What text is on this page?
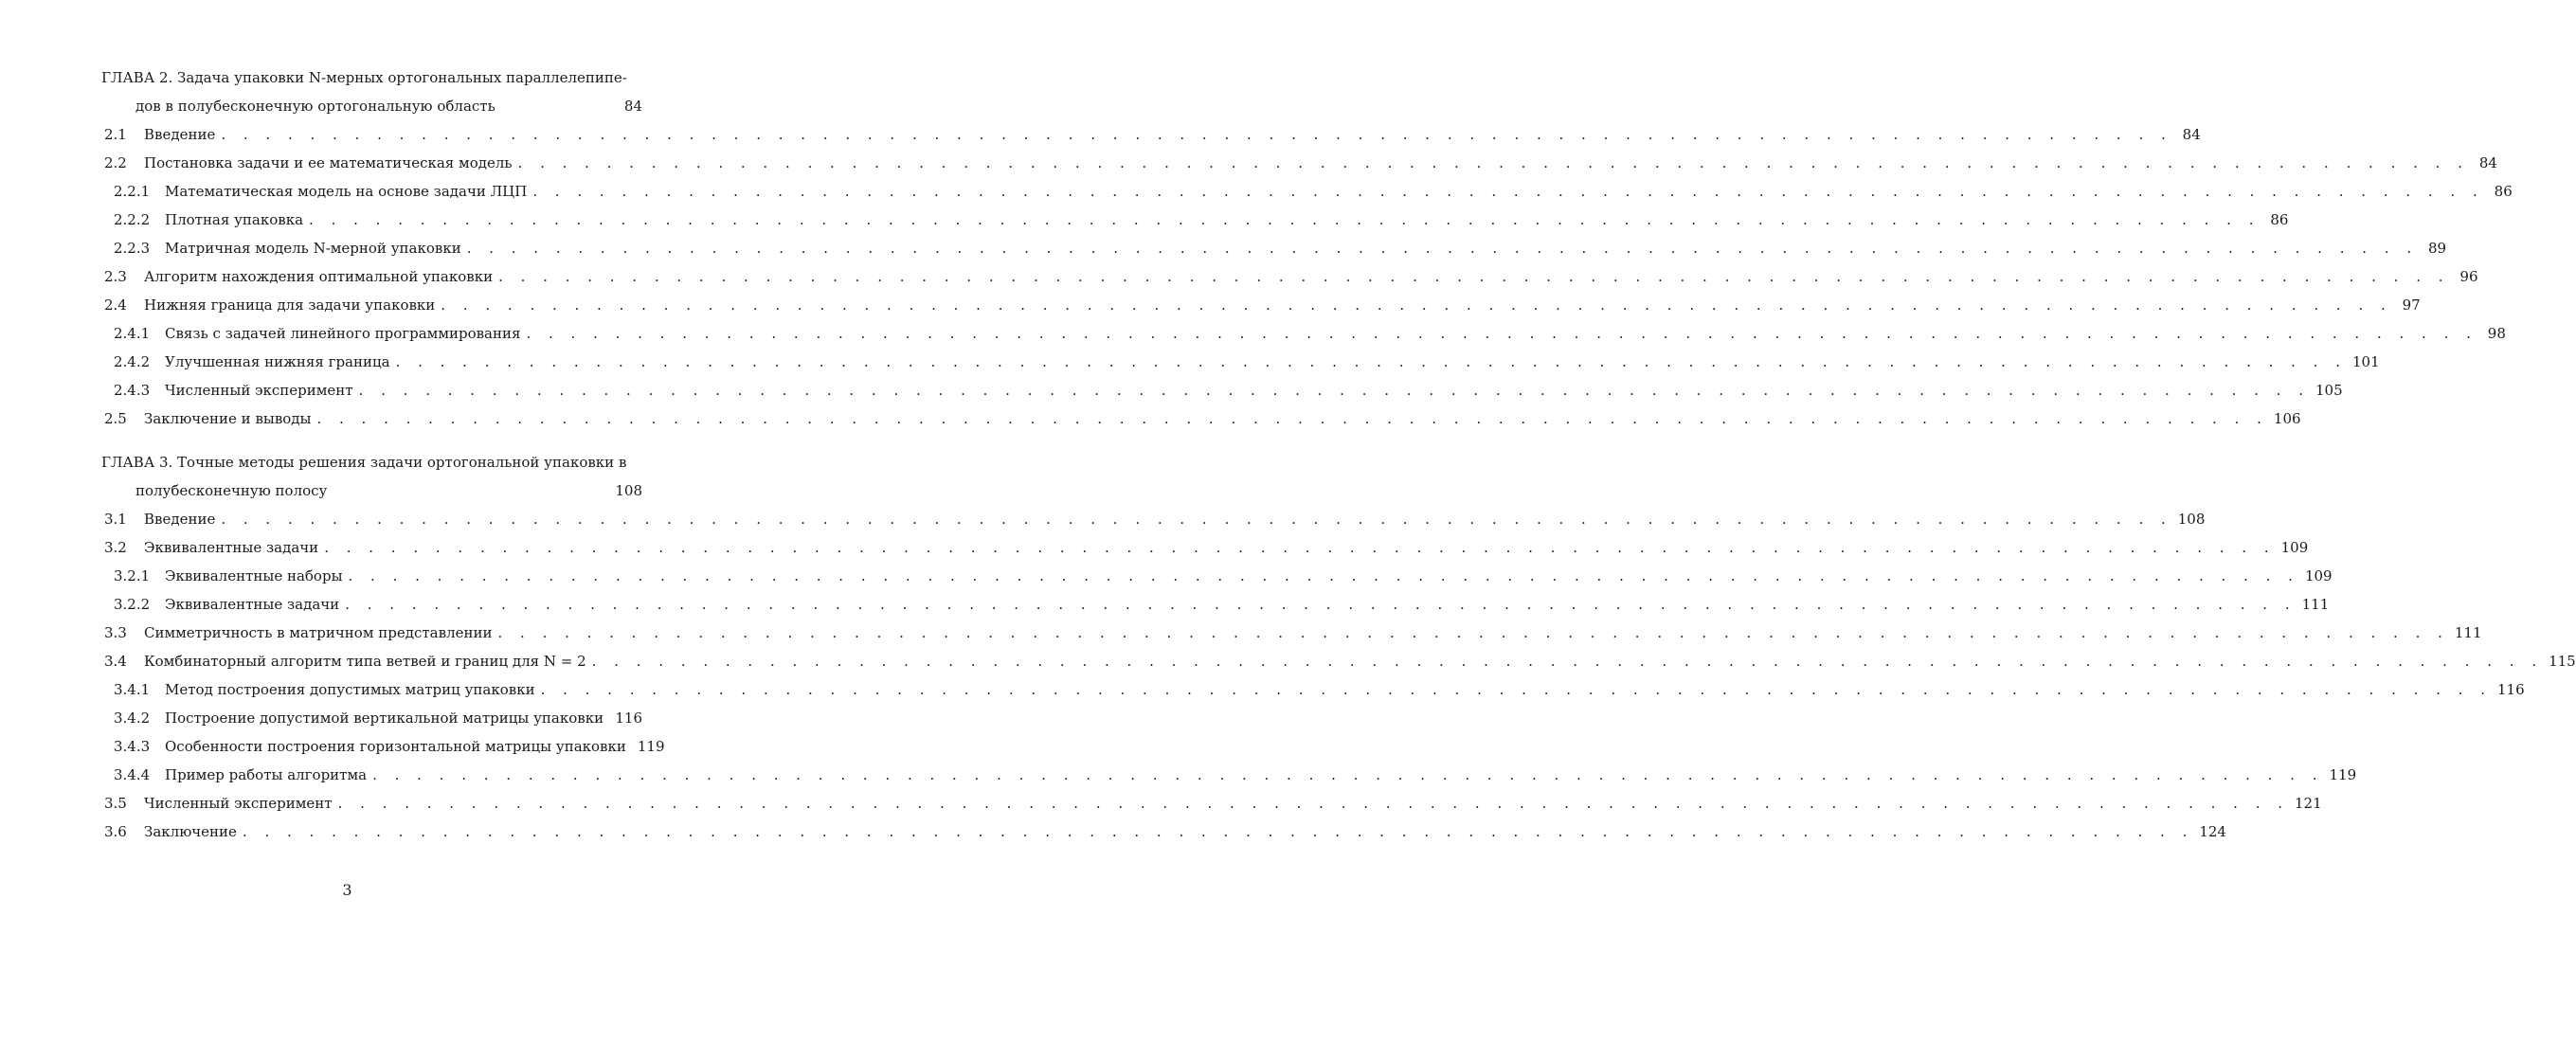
ГЛАВА 2. Задача упаковки N-мерных ортогональных параллелепипе-
дов в полубесконечную ортогональную область	84
2.1	Введение . . . . . . . . . . . . . . . . . . . . . . . . . . . . . . . . . . . . . . . . . . . . . . . . . . . . . . . . . . . . . . . . . . . . . . . . . . . . . . . . . . . . . . . . 84
2.2	Постановка задачи и ее математическая модель . . . . . . . . . . . . . . . . . . . . . . . . . . . . . . . . . . . . . . . . . . . . . . . . . . . . . . . . . . . . . . . . . . . . . . . . . . . . . . . . . . . . . . . . 84
2.2.1	Математическая модель на основе задачи ЛЦП . . . . . . . . . . . . . . . . . . . . . . . . . . . . . . . . . . . . . . . . . . . . . . . . . . . . . . . . . . . . . . . . . . . . . . . . . . . . . . . . . . . . . . . . 86
2.2.2	Плотная упаковка . . . . . . . . . . . . . . . . . . . . . . . . . . . . . . . . . . . . . . . . . . . . . . . . . . . . . . . . . . . . . . . . . . . . . . . . . . . . . . . . . . . . . . . . 86
2.2.3	Матричная модель N-мерной упаковки . . . . . . . . . . . . . . . . . . . . . . . . . . . . . . . . . . . . . . . . . . . . . . . . . . . . . . . . . . . . . . . . . . . . . . . . . . . . . . . . . . . . . . . . 89
2.3	Алгоритм нахождения оптимальной упаковки . . . . . . . . . . . . . . . . . . . . . . . . . . . . . . . . . . . . . . . . . . . . . . . . . . . . . . . . . . . . . . . . . . . . . . . . . . . . . . . . . . . . . . . . 96
2.4	Нижняя граница для задачи упаковки . . . . . . . . . . . . . . . . . . . . . . . . . . . . . . . . . . . . . . . . . . . . . . . . . . . . . . . . . . . . . . . . . . . . . . . . . . . . . . . . . . . . . . . . 97
2.4.1	Связь с задачей линейного программирования . . . . . . . . . . . . . . . . . . . . . . . . . . . . . . . . . . . . . . . . . . . . . . . . . . . . . . . . . . . . . . . . . . . . . . . . . . . . . . . . . . . . . . . . 98
2.4.2	Улучшенная нижняя граница . . . . . . . . . . . . . . . . . . . . . . . . . . . . . . . . . . . . . . . . . . . . . . . . . . . . . . . . . . . . . . . . . . . . . . . . . . . . . . . . . . . . . . . . 101
2.4.3	Численный эксперимент . . . . . . . . . . . . . . . . . . . . . . . . . . . . . . . . . . . . . . . . . . . . . . . . . . . . . . . . . . . . . . . . . . . . . . . . . . . . . . . . . . . . . . . . 105
2.5	Заключение и выводы . . . . . . . . . . . . . . . . . . . . . . . . . . . . . . . . . . . . . . . . . . . . . . . . . . . . . . . . . . . . . . . . . . . . . . . . . . . . . . . . . . . . . . . . 106
ГЛАВА 3. Точные методы решения задачи ортогональной упаковки в
полубесконечную полосу	108
3.1	Введение . . . . . . . . . . . . . . . . . . . . . . . . . . . . . . . . . . . . . . . . . . . . . . . . . . . . . . . . . . . . . . . . . . . . . . . . . . . . . . . . . . . . . . . . 108
3.2	Эквивалентные задачи . . . . . . . . . . . . . . . . . . . . . . . . . . . . . . . . . . . . . . . . . . . . . . . . . . . . . . . . . . . . . . . . . . . . . . . . . . . . . . . . . . . . . . . . 109
3.2.1	Эквивалентные наборы . . . . . . . . . . . . . . . . . . . . . . . . . . . . . . . . . . . . . . . . . . . . . . . . . . . . . . . . . . . . . . . . . . . . . . . . . . . . . . . . . . . . . . . . 109
3.2.2	Эквивалентные задачи . . . . . . . . . . . . . . . . . . . . . . . . . . . . . . . . . . . . . . . . . . . . . . . . . . . . . . . . . . . . . . . . . . . . . . . . . . . . . . . . . . . . . . . . 111
3.3	Симметричность в матричном представлении . . . . . . . . . . . . . . . . . . . . . . . . . . . . . . . . . . . . . . . . . . . . . . . . . . . . . . . . . . . . . . . . . . . . . . . . . . . . . . . . . . . . . . . . 111
3.4	Комбинаторный алгоритм типа ветвей и границ для N = 2 . . . . . . . . . . . . . . . . . . . . . . . . . . . . . . . . . . . . . . . . . . . . . . . . . . . . . . . . . . . . . . . . . . . . . . . . . . . . . . . . . . . . . . . . 115
3.4.1	Метод построения допустимых матриц упаковки . . . . . . . . . . . . . . . . . . . . . . . . . . . . . . . . . . . . . . . . . . . . . . . . . . . . . . . . . . . . . . . . . . . . . . . . . . . . . . . . . . . . . . . . 116
3.4.2	Построение допустимой вертикальной матрицы упаковки 116
3.4.3	Особенности построения горизонтальной матрицы упаковки 119
3.4.4	Пример работы алгоритма . . . . . . . . . . . . . . . . . . . . . . . . . . . . . . . . . . . . . . . . . . . . . . . . . . . . . . . . . . . . . . . . . . . . . . . . . . . . . . . . . . . . . . . . 119
3.5	Численный эксперимент . . . . . . . . . . . . . . . . . . . . . . . . . . . . . . . . . . . . . . . . . . . . . . . . . . . . . . . . . . . . . . . . . . . . . . . . . . . . . . . . . . . . . . . . 121
3.6	Заключение . . . . . . . . . . . . . . . . . . . . . . . . . . . . . . . . . . . . . . . . . . . . . . . . . . . . . . . . . . . . . . . . . . . . . . . . . . . . . . . . . . . . . . . . 124
3
